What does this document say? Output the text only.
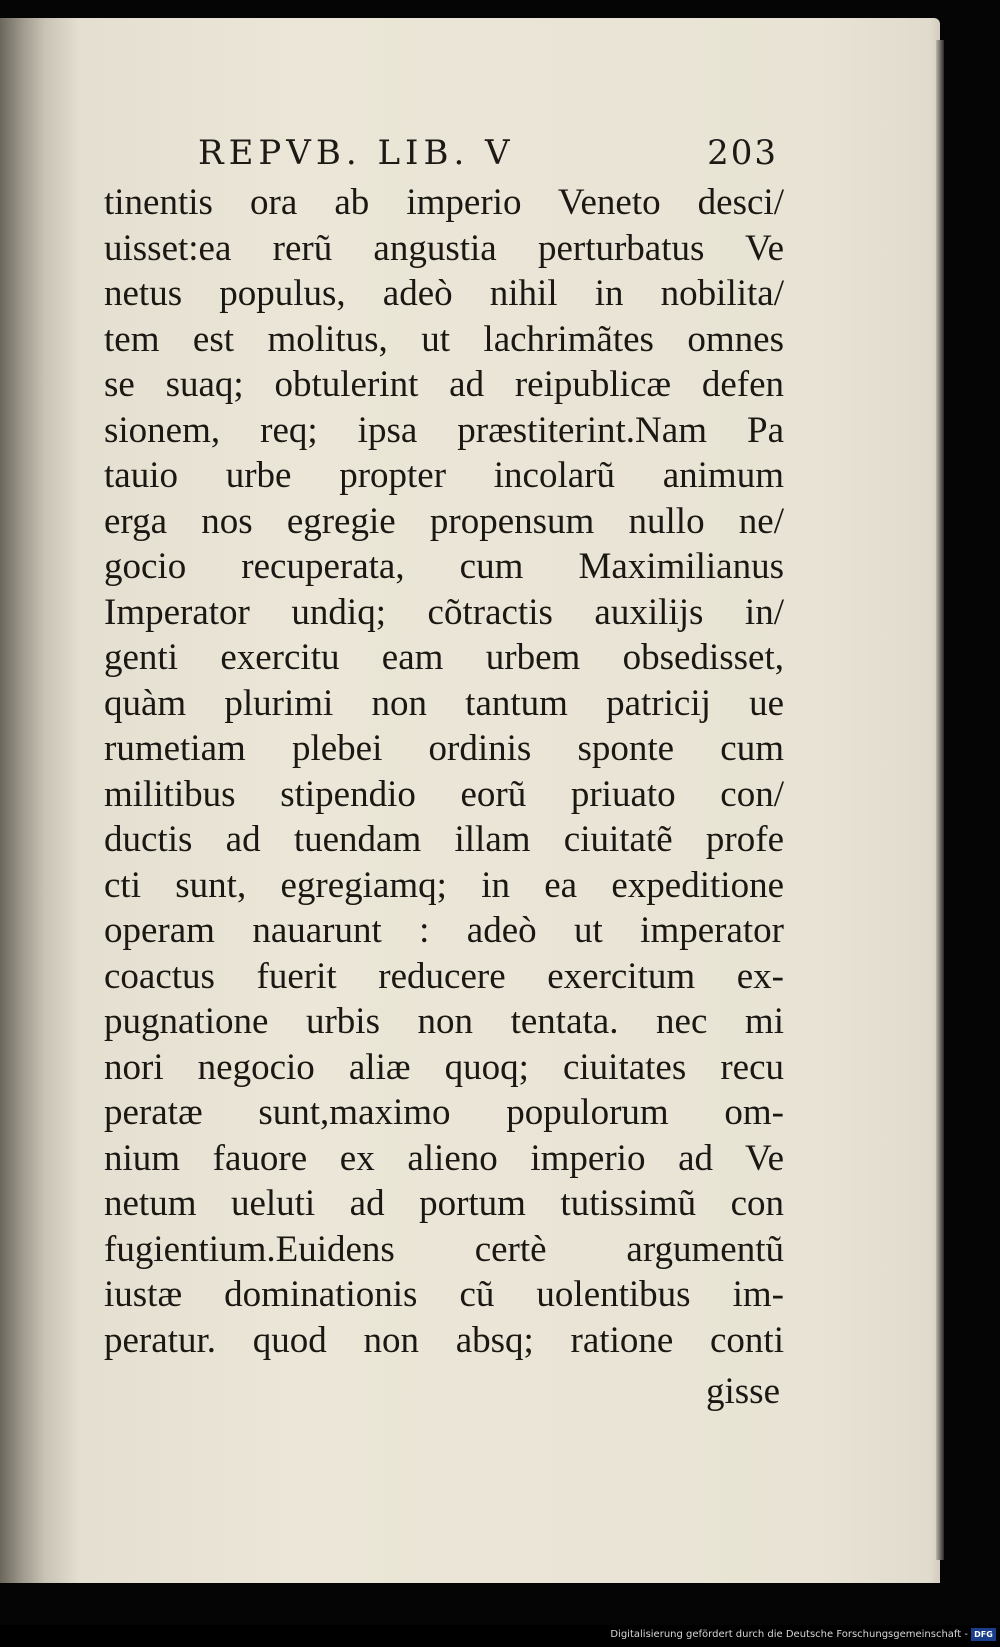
REPVB. LIB. V	203
tinentis ora ab imperio Veneto desci/
uisset:ea rerũ angustia perturbatus Ve
netus populus, adeò nihil in nobilita/
tem est molitus, ut lachrimãtes omnes
se suaq; obtulerint ad reipublicæ defen
sionem, req; ipsa præstiterint.Nam Pa
tauio urbe propter incolarũ animum
erga nos egregie propensum nullo ne/
gocio recuperata, cum Maximilianus
Imperator undiq; cõtractis auxilijs in/
genti exercitu eam urbem obsedisset,
quàm plurimi non tantum patricij ue
rumetiam plebei ordinis sponte cum
militibus stipendio eorũ priuato con/
ductis ad tuendam illam ciuitatẽ profe
cti sunt, egregiamq; in ea expeditione
operam nauarunt : adeò ut imperator
coactus fuerit reducere exercitum ex-
pugnatione urbis non tentata. nec mi
nori negocio aliæ quoq; ciuitates recu
peratæ sunt,maximo populorum om-
nium fauore ex alieno imperio ad Ve
netum ueluti ad portum tutissimũ con
fugientium.Euidens certè argumentũ
iustæ dominationis cũ uolentibus im-
peratur. quod non absq; ratione conti
gisse
Digitalisierung gefördert durch die Deutsche Forschungsgemeinschaft - DFG
